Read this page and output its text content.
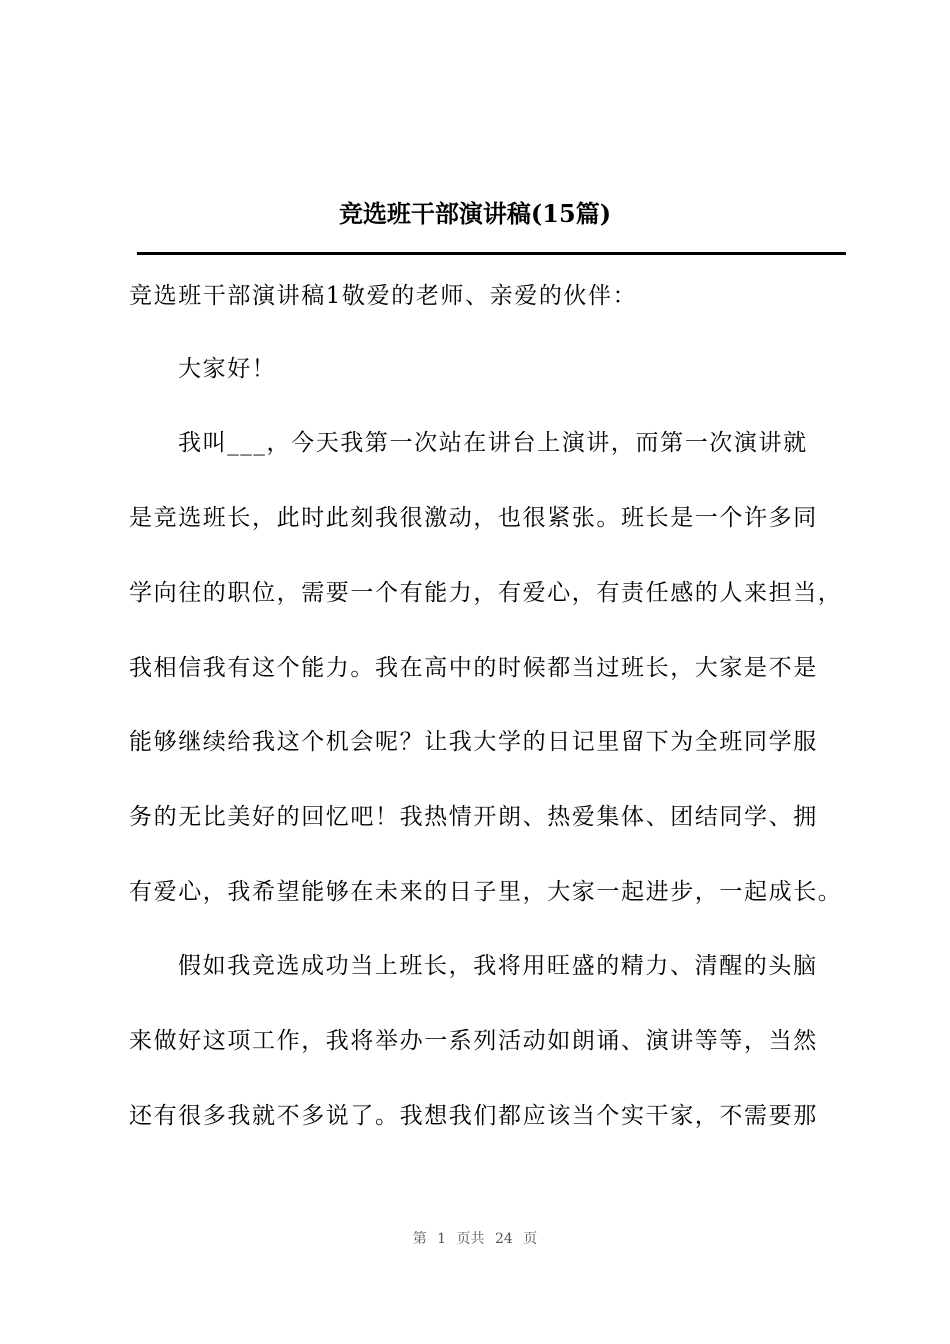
竞选班干部演讲稿(15篇)
竞选班干部演讲稿1敬爱的老师、亲爱的伙伴：
大家好！
我叫___，今天我第一次站在讲台上演讲，而第一次演讲就
是竞选班长，此时此刻我很激动，也很紧张。班长是一个许多同
学向往的职位，需要一个有能力，有爱心，有责任感的人来担当，
我相信我有这个能力。我在高中的时候都当过班长，大家是不是
能够继续给我这个机会呢？让我大学的日记里留下为全班同学服
务的无比美好的回忆吧！我热情开朗、热爱集体、团结同学、拥
有爱心，我希望能够在未来的日子里，大家一起进步，一起成长。
假如我竞选成功当上班长，我将用旺盛的精力、清醒的头脑
来做好这项工作，我将举办一系列活动如朗诵、演讲等等，当然
还有很多我就不多说了。我想我们都应该当个实干家，不需要那
第 1 页共 24 页
